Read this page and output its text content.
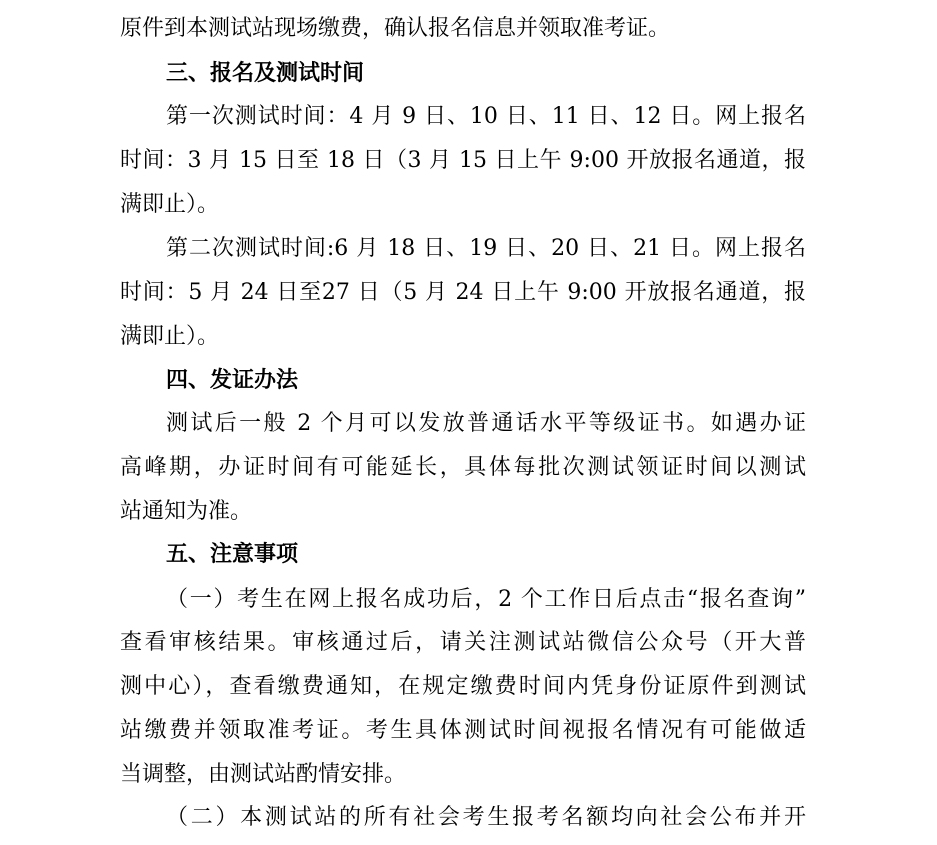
原件到本测试站现场缴费，确认报名信息并领取准考证。
三、报名及测试时间
第一次测试时间：4 月 9 日、10 日、11 日、12 日。网上报名
时间：3 月 15 日至 18 日（3 月 15 日上午 9:00 开放报名通道，报
满即止）。
第二次测试时间:6 月 18 日、19 日、20 日、21 日。网上报名
时间：5 月 24 日至27 日（5 月 24 日上午 9:00 开放报名通道，报
满即止）。
四、发证办法
测试后一般 2 个月可以发放普通话水平等级证书。如遇办证
高峰期，办证时间有可能延长，具体每批次测试领证时间以测试
站通知为准。
五、注意事项
（一）考生在网上报名成功后，2 个工作日后点击“报名查询”
查看审核结果。审核通过后，请关注测试站微信公众号（开大普
测中心），查看缴费通知，在规定缴费时间内凭身份证原件到测试
站缴费并领取准考证。考生具体测试时间视报名情况有可能做适
当调整，由测试站酌情安排。
（二）本测试站的所有社会考生报考名额均向社会公布并开
